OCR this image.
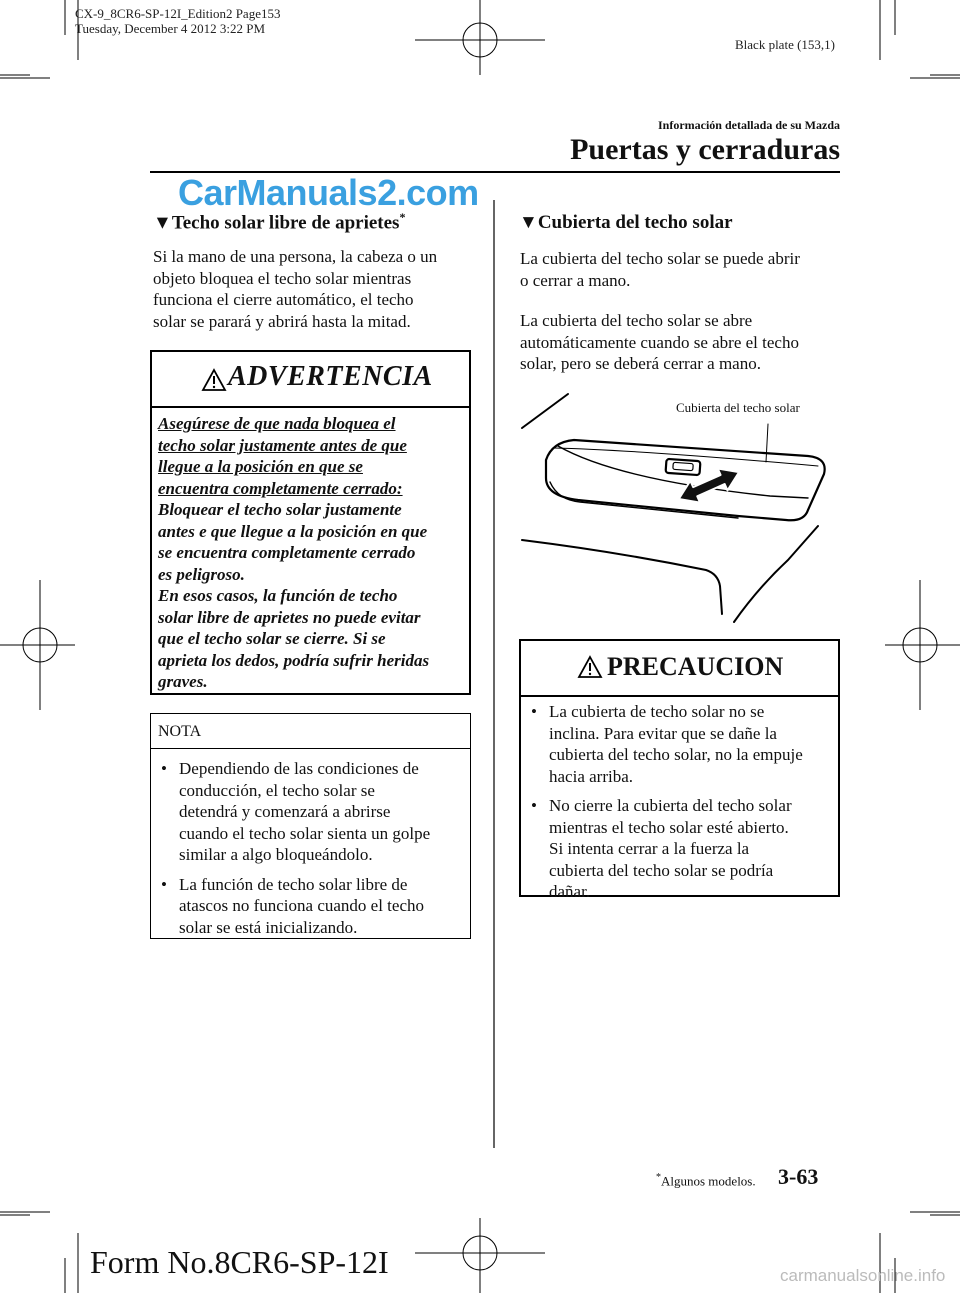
CX-9_8CR6-SP-12I_Edition2 Page153
Tuesday, December 4 2012 3:22 PM
Black plate (153,1)
Información detallada de su Mazda
Puertas y cerraduras
CarManuals2.com
▼Techo solar libre de aprietes*
Si la mano de una persona, la cabeza o un
objeto bloquea el techo solar mientras
funciona el cierre automático, el techo
solar se parará y abrirá hasta la mitad.
ADVERTENCIA
Asegúrese de que nada bloquea el
techo solar justamente antes de que
llegue a la posición en que se
encuentra completamente cerrado:
Bloquear el techo solar justamente
antes e que llegue a la posición en que
se encuentra completamente cerrado
es peligroso.
En esos casos, la función de techo
solar libre de aprietes no puede evitar
que el techo solar se cierre. Si se
aprieta los dedos, podría sufrir heridas
graves.
NOTA
• Dependiendo de las condiciones de
conducción, el techo solar se
detendrá y comenzará a abrirse
cuando el techo solar sienta un golpe
similar a algo bloqueándolo.
• La función de techo solar libre de
atascos no funciona cuando el techo
solar se está inicializando.
▼Cubierta del techo solar
La cubierta del techo solar se puede abrir
o cerrar a mano.
La cubierta del techo solar se abre
automáticamente cuando se abre el techo
solar, pero se deberá cerrar a mano.
Cubierta del techo solar
PRECAUCION
• La cubierta de techo solar no se
inclina. Para evitar que se dañe la
cubierta del techo solar, no la empuje
hacia arriba.
• No cierre la cubierta del techo solar
mientras el techo solar esté abierto.
Si intenta cerrar a la fuerza la
cubierta del techo solar se podría
dañar.
*Algunos modelos. 3-63
Form No.8CR6-SP-12I	carmanualsonline.info
